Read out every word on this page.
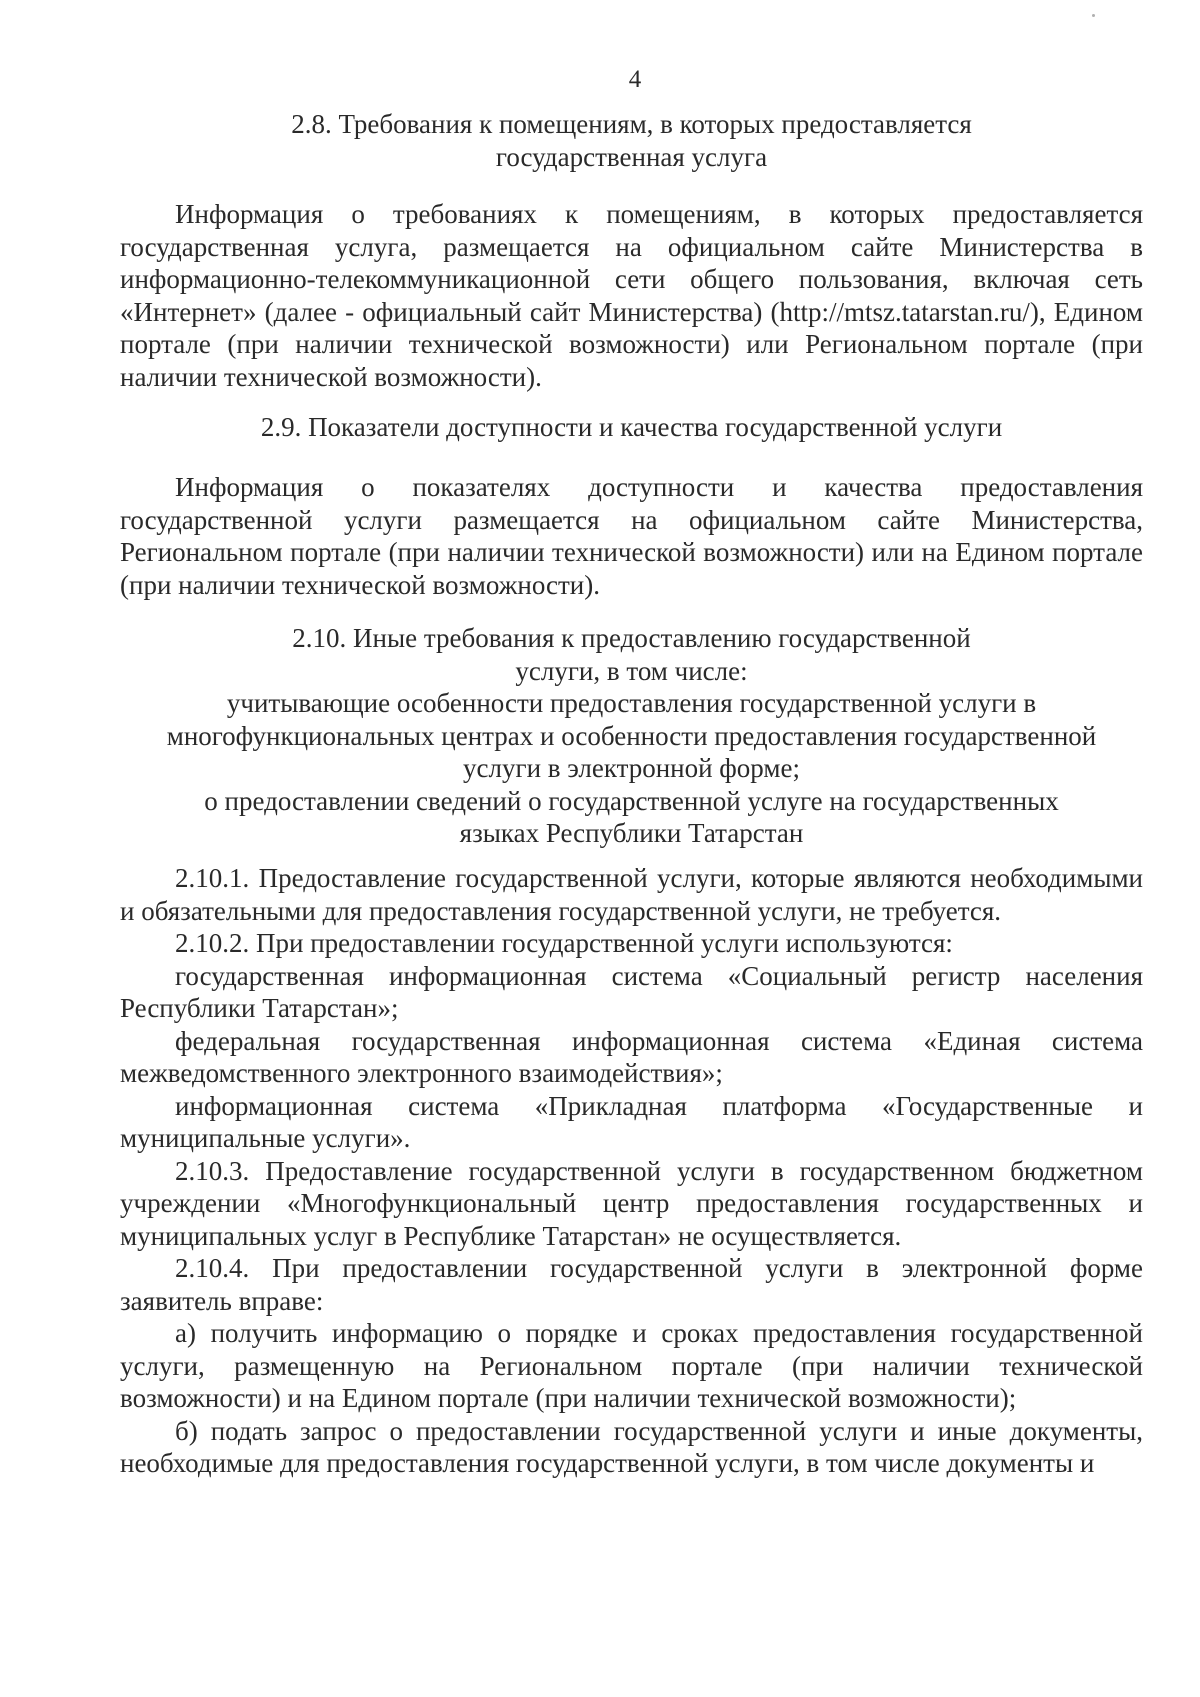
4

2.8. Требования к помещениям, в которых предоставляется

государственная услуга

Информация о требованиях к помещениям, в которых предоставляется государственная услуга, размещается на официальном сайте Министерства в информационно-телекоммуникационной сети общего пользования, включая сеть «Интернет» (далее - официальный сайт Министерства) (http://mtsz.tatarstan.ru/), Едином портале (при наличии технической возможности) или Региональном портале (при наличии технической возможности).

2.9. Показатели доступности и качества государственной услуги

Информация о показателях доступности и качества предоставления государственной услуги размещается на официальном сайте Министерства, Региональном портале (при наличии технической возможности) или на Едином портале (при наличии технической возможности).

2.10. Иные требования к предоставлению государственной

услуги, в том числе:

учитывающие особенности предоставления государственной услуги в

многофункциональных центрах и особенности предоставления государственной

услуги в электронной форме;

о предоставлении сведений о государственной услуге на государственных

языках Республики Татарстан

2.10.1. Предоставление государственной услуги, которые являются необходимыми и обязательными для предоставления государственной услуги, не требуется.

2.10.2. При предоставлении государственной услуги используются:

государственная информационная система «Социальный регистр населения Республики Татарстан»;

федеральная государственная информационная система «Единая система межведомственного электронного взаимодействия»;

информационная система «Прикладная платформа «Государственные и муниципальные услуги».

2.10.3. Предоставление государственной услуги в государственном бюджетном учреждении «Многофункциональный центр предоставления государственных и муниципальных услуг в Республике Татарстан» не осуществляется.

2.10.4. При предоставлении государственной услуги в электронной форме заявитель вправе:

а) получить информацию о порядке и сроках предоставления государственной услуги, размещенную на Региональном портале (при наличии технической возможности) и на Едином портале (при наличии технической возможности);

б) подать запрос о предоставлении государственной услуги и иные документы, необходимые для предоставления государственной услуги, в том числе документы и
